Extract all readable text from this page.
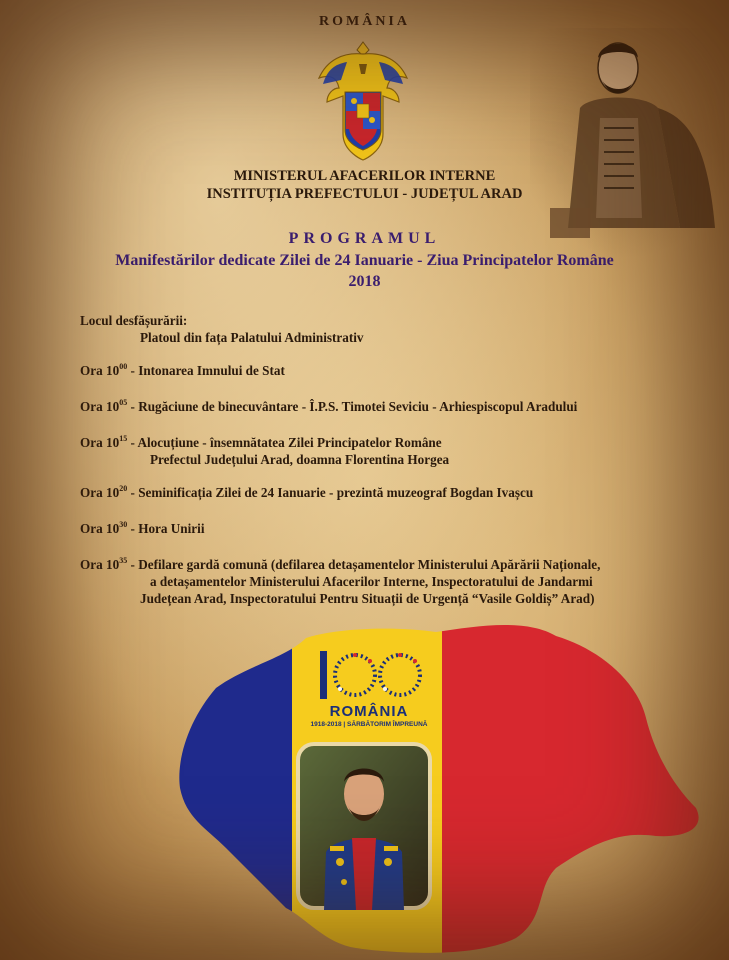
ROMÂNIA
MINISTERUL AFACERILOR INTERNE
INSTITUȚIA PREFECTULUI - JUDEȚUL ARAD
PROGRAMUL
Manifestărilor dedicate Zilei de 24 Ianuarie - Ziua Principatelor Române
2018
Locul desfășurării:
Platoul din fața Palatului Administrativ
Ora $10^{00}$ - Intonarea Imnului de Stat
Ora $10^{05}$ - Rugăciune de binecuvântare - Î.P.S. Timotei Seviciu - Arhiespiscopul Aradului
Ora $10^{15}$ - Alocuțiune - însemnătatea Zilei Principatelor Române
Prefectul Județului Arad, doamna Florentina Horgea
Ora $10^{20}$ - Seminificația Zilei de 24 Ianuarie - prezintă muzeograf Bogdan Ivașcu
Ora $10^{30}$ - Hora Unirii
Ora $10^{35}$ - Defilare gardă comună (defilarea detașamentelor Ministerului Apărării Naționale,
a detașamentelor Ministerului Afacerilor Interne, Inspectoratului de Jandarmi
Județean Arad, Inspectoratului Pentru Situații de Urgență “Vasile Goldiș” Arad)
ROMÂNIA
1918-2018 | SĂRBĂTORIM ÎMPREUNĂ
